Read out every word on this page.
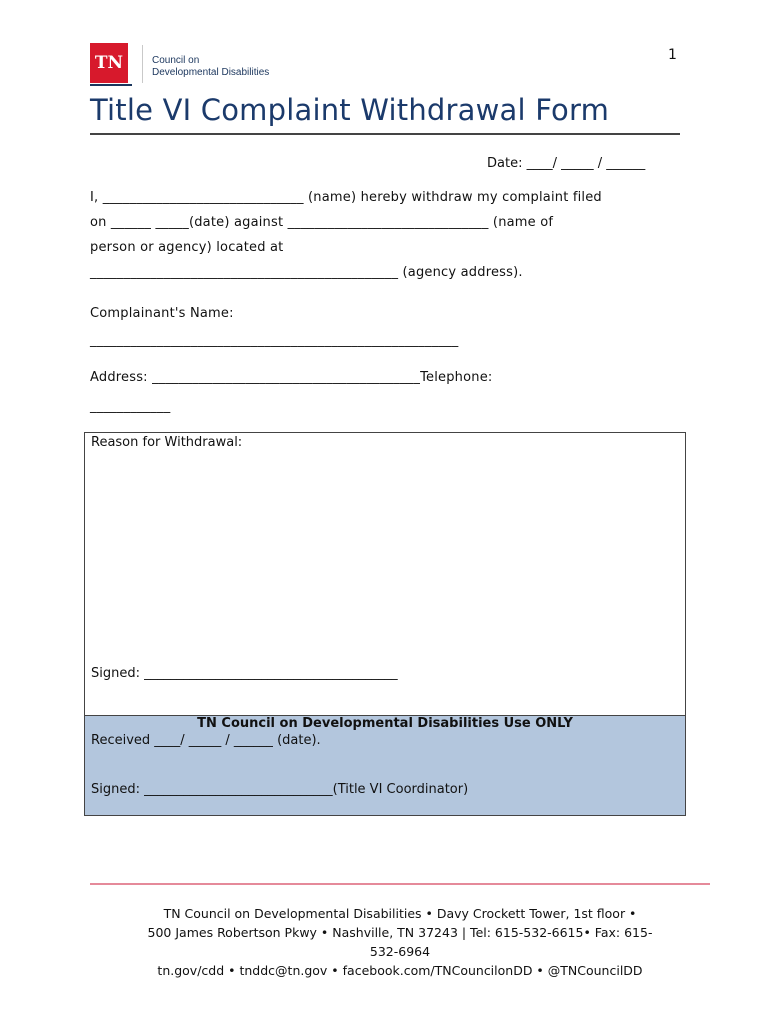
1
TN	Council on
Developmental Disabilities
Title VI Complaint Withdrawal Form
Date: ____/ _____ / ______
I, ______________________________ (name) hereby withdraw my complaint filed
on ______ _____(date) against ______________________________ (name of
person or agency) located at
______________________________________________ (agency address).
Complainant's Name:
_______________________________________________________
Address: ________________________________________Telephone:
____________
Reason for Withdrawal:
Signed: _______________________________________
TN Council on Developmental Disabilities Use ONLY
Received ____/ _____ / ______ (date).
Signed: _____________________________(Title VI Coordinator)
TN Council on Developmental Disabilities • Davy Crockett Tower, 1st floor •
500 James Robertson Pkwy • Nashville, TN 37243 | Tel: 615-532-6615• Fax: 615-
532-6964
tn.gov/cdd • tnddc@tn.gov • facebook.com/TNCouncilonDD • @TNCouncilDD
